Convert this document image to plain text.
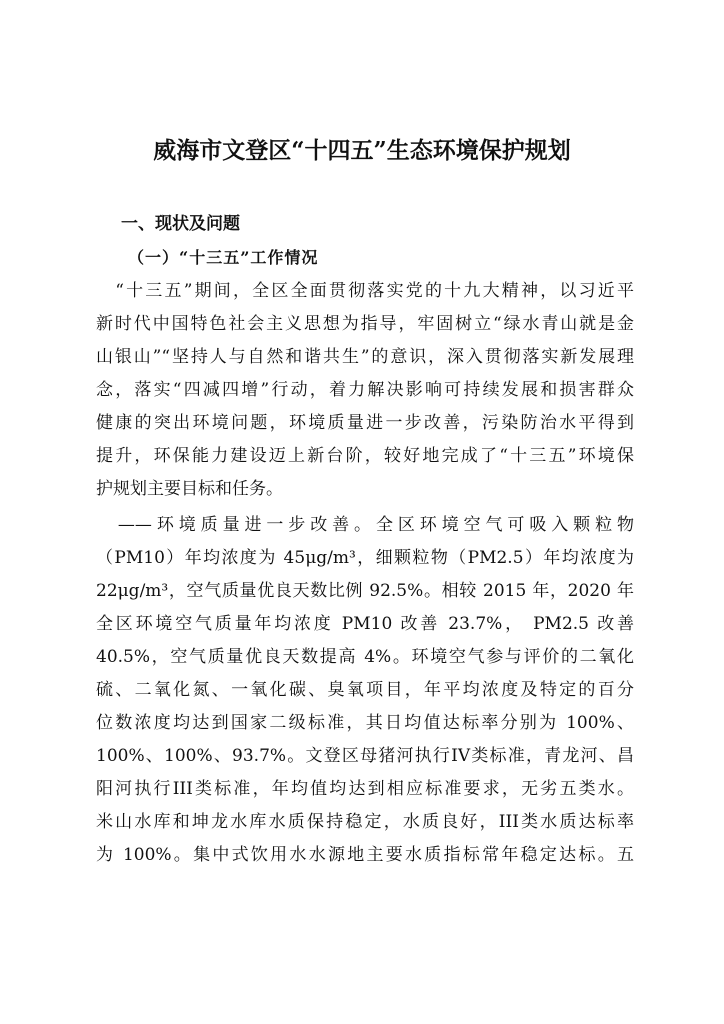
威海市文登区“十四五”生态环境保护规划
一、现状及问题
（一）“十三五”工作情况
　“十三五”期间，全区全面贯彻落实党的十九大精神，以习近平
新时代中国特色社会主义思想为指导，牢固树立“绿水青山就是金
山银山”“坚持人与自然和谐共生”的意识，深入贯彻落实新发展理
念，落实“四减四增”行动，着力解决影响可持续发展和损害群众
健康的突出环境问题，环境质量进一步改善，污染防治水平得到
提升，环保能力建设迈上新台阶，较好地完成了“十三五”环境保
护规划主要目标和任务。
　——环境质量进一步改善。全区环境空气可吸入颗粒物
（PM10）年均浓度为 45μg/m³，细颗粒物（PM2.5）年均浓度为
22μg/m³，空气质量优良天数比例 92.5%。相较 2015 年，2020 年
全区环境空气质量年均浓度 PM10 改善 23.7%， PM2.5 改善
40.5%，空气质量优良天数提高 4%。环境空气参与评价的二氧化
硫、二氧化氮、一氧化碳、臭氧项目，年平均浓度及特定的百分
位数浓度均达到国家二级标准，其日均值达标率分别为 100%、
100%、100%、93.7%。文登区母猪河执行IV类标准，青龙河、昌
阳河执行III类标准，年均值均达到相应标准要求，无劣五类水。
米山水库和坤龙水库水质保持稳定，水质良好，III类水质达标率
为 100%。集中式饮用水水源地主要水质指标常年稳定达标。五
